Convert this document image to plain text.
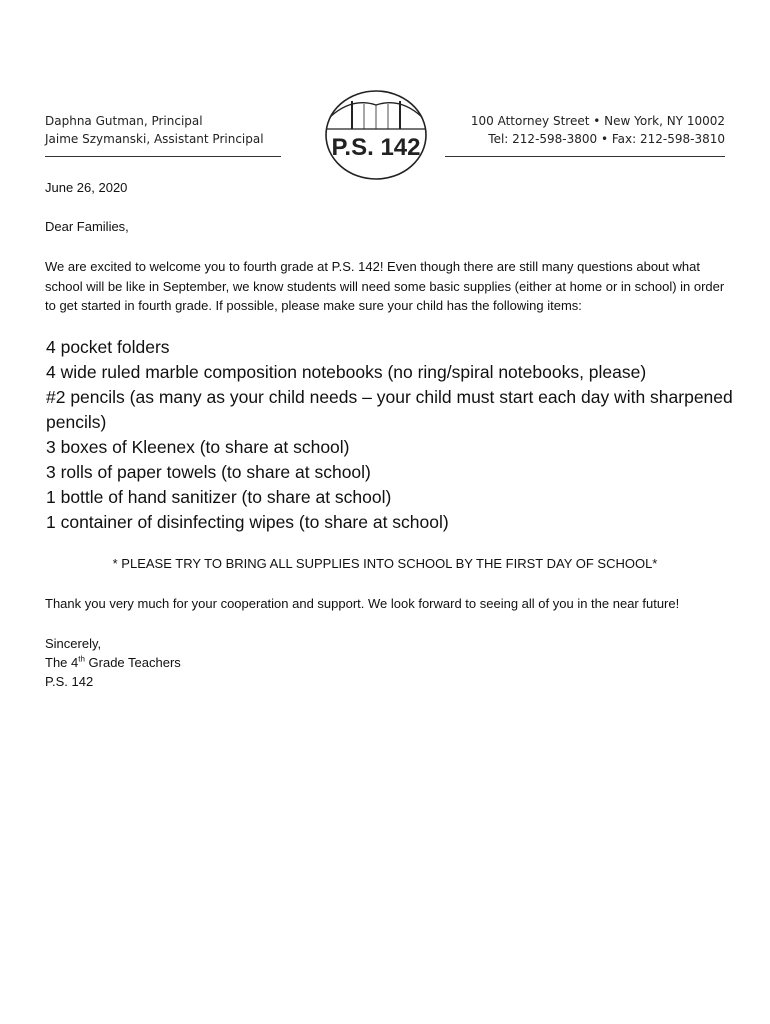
Daphna Gutman, Principal
Jaime Szymanski, Assistant Principal	P.S. 142
100 Attorney Street • New York, NY 10002
Tel: 212-598-3800 • Fax: 212-598-3810
June 26, 2020
Dear Families,
We are excited to welcome you to fourth grade at P.S. 142! Even though there are still many questions about what school will be like in September, we know students will need some basic supplies (either at home or in school) in order to get started in fourth grade. If possible, please make sure your child has the following items:
4 pocket folders
4 wide ruled marble composition notebooks (no ring/spiral notebooks, please)
#2 pencils (as many as your child needs – your child must start each day with sharpened pencils)
3 boxes of Kleenex (to share at school)
3 rolls of paper towels (to share at school)
1 bottle of hand sanitizer (to share at school)
1 container of disinfecting wipes (to share at school)
* PLEASE TRY TO BRING ALL SUPPLIES INTO SCHOOL BY THE FIRST DAY OF SCHOOL*
Thank you very much for your cooperation and support. We look forward to seeing all of you in the near future!
Sincerely,
The 4th Grade Teachers
P.S. 142
